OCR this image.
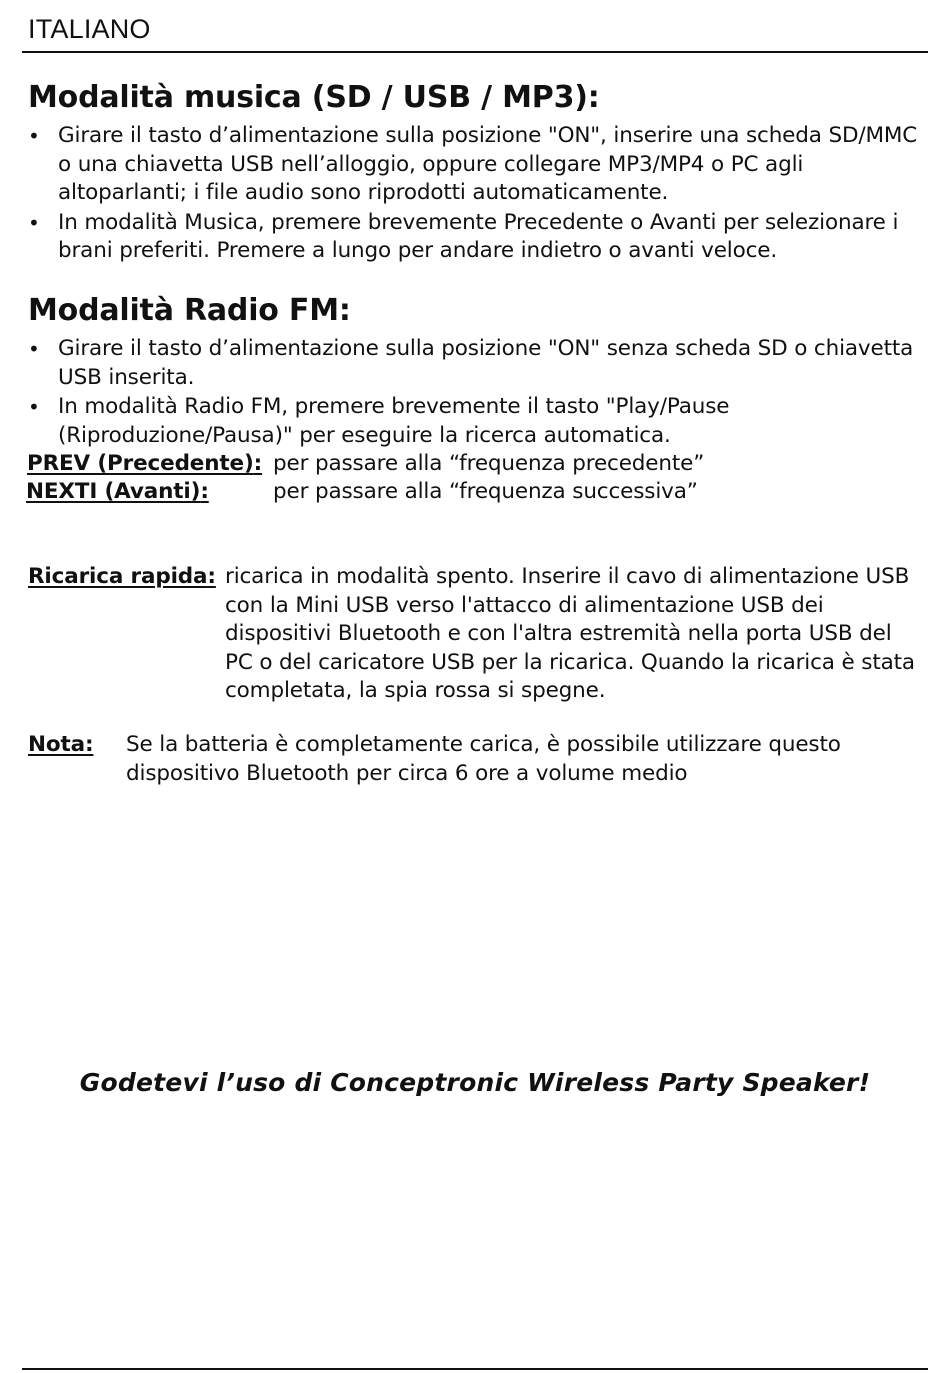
ITALIANO
Modalità musica (SD / USB / MP3):
• Girare il tasto d’alimentazione sulla posizione "ON", inserire una scheda SD/MMC o una chiavetta USB nell’alloggio, oppure collegare MP3/MP4 o PC agli altoparlanti; i file audio sono riprodotti automaticamente.
• In modalità Musica, premere brevemente Precedente o Avanti per selezionare i brani preferiti. Premere a lungo per andare indietro o avanti veloce.
Modalità Radio FM:
• Girare il tasto d’alimentazione sulla posizione "ON" senza scheda SD o chiavetta USB inserita.
• In modalità Radio FM, premere brevemente il tasto "Play/Pause (Riproduzione/Pausa)" per eseguire la ricerca automatica.
PREV (Precedente): per passare alla “frequenza precedente”
NEXTI (Avanti):	per passare alla “frequenza successiva”
Ricarica rapida: ricarica in modalità spento. Inserire il cavo di alimentazione USB con la Mini USB verso l'attacco di alimentazione USB dei dispositivi Bluetooth e con l'altra estremità nella porta USB del PC o del caricatore USB per la ricarica. Quando la ricarica è stata completata, la spia rossa si spegne.
Nota: Se la batteria è completamente carica, è possibile utilizzare questo dispositivo Bluetooth per circa 6 ore a volume medio
Godetevi l’uso di Conceptronic Wireless Party Speaker!
